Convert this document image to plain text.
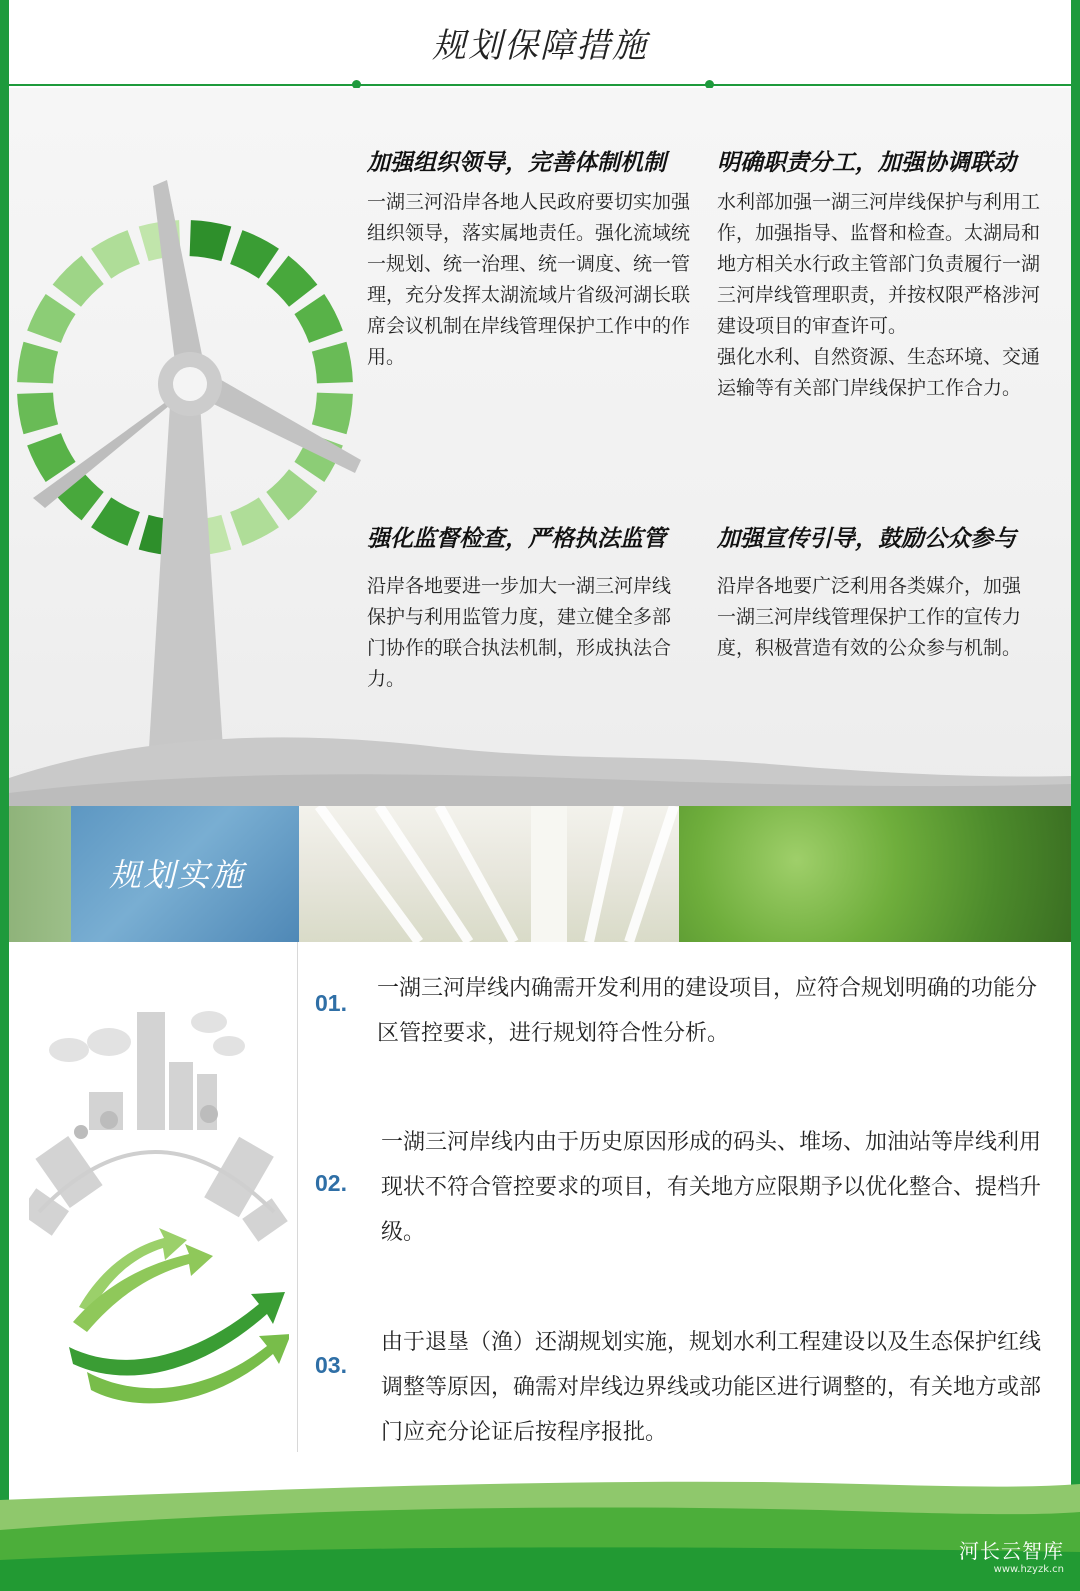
规划保障措施
加强组织领导，完善体制机制
一湖三河沿岸各地人民政府要切实加强组织领导，落实属地责任。强化流域统一规划、统一治理、统一调度、统一管理，充分发挥太湖流域片省级河湖长联席会议机制在岸线管理保护工作中的作用。
明确职责分工，加强协调联动
水利部加强一湖三河岸线保护与利用工作，加强指导、监督和检查。太湖局和地方相关水行政主管部门负责履行一湖三河岸线管理职责，并按权限严格涉河建设项目的审查许可。
强化水利、自然资源、生态环境、交通运输等有关部门岸线保护工作合力。
强化监督检查，严格执法监管
沿岸各地要进一步加大一湖三河岸线保护与利用监管力度，建立健全多部门协作的联合执法机制，形成执法合力。
加强宣传引导，鼓励公众参与
沿岸各地要广泛利用各类媒介，加强一湖三河岸线管理保护工作的宣传力度，积极营造有效的公众参与机制。
规划实施
01.
一湖三河岸线内确需开发利用的建设项目，应符合规划明确的功能分区管控要求，进行规划符合性分析。
02.
一湖三河岸线内由于历史原因形成的码头、堆场、加油站等岸线利用现状不符合管控要求的项目，有关地方应限期予以优化整合、提档升级。
03.
由于退垦（渔）还湖规划实施，规划水利工程建设以及生态保护红线调整等原因，确需对岸线边界线或功能区进行调整的，有关地方或部门应充分论证后按程序报批。
河长云智库
www.hzyzk.cn
